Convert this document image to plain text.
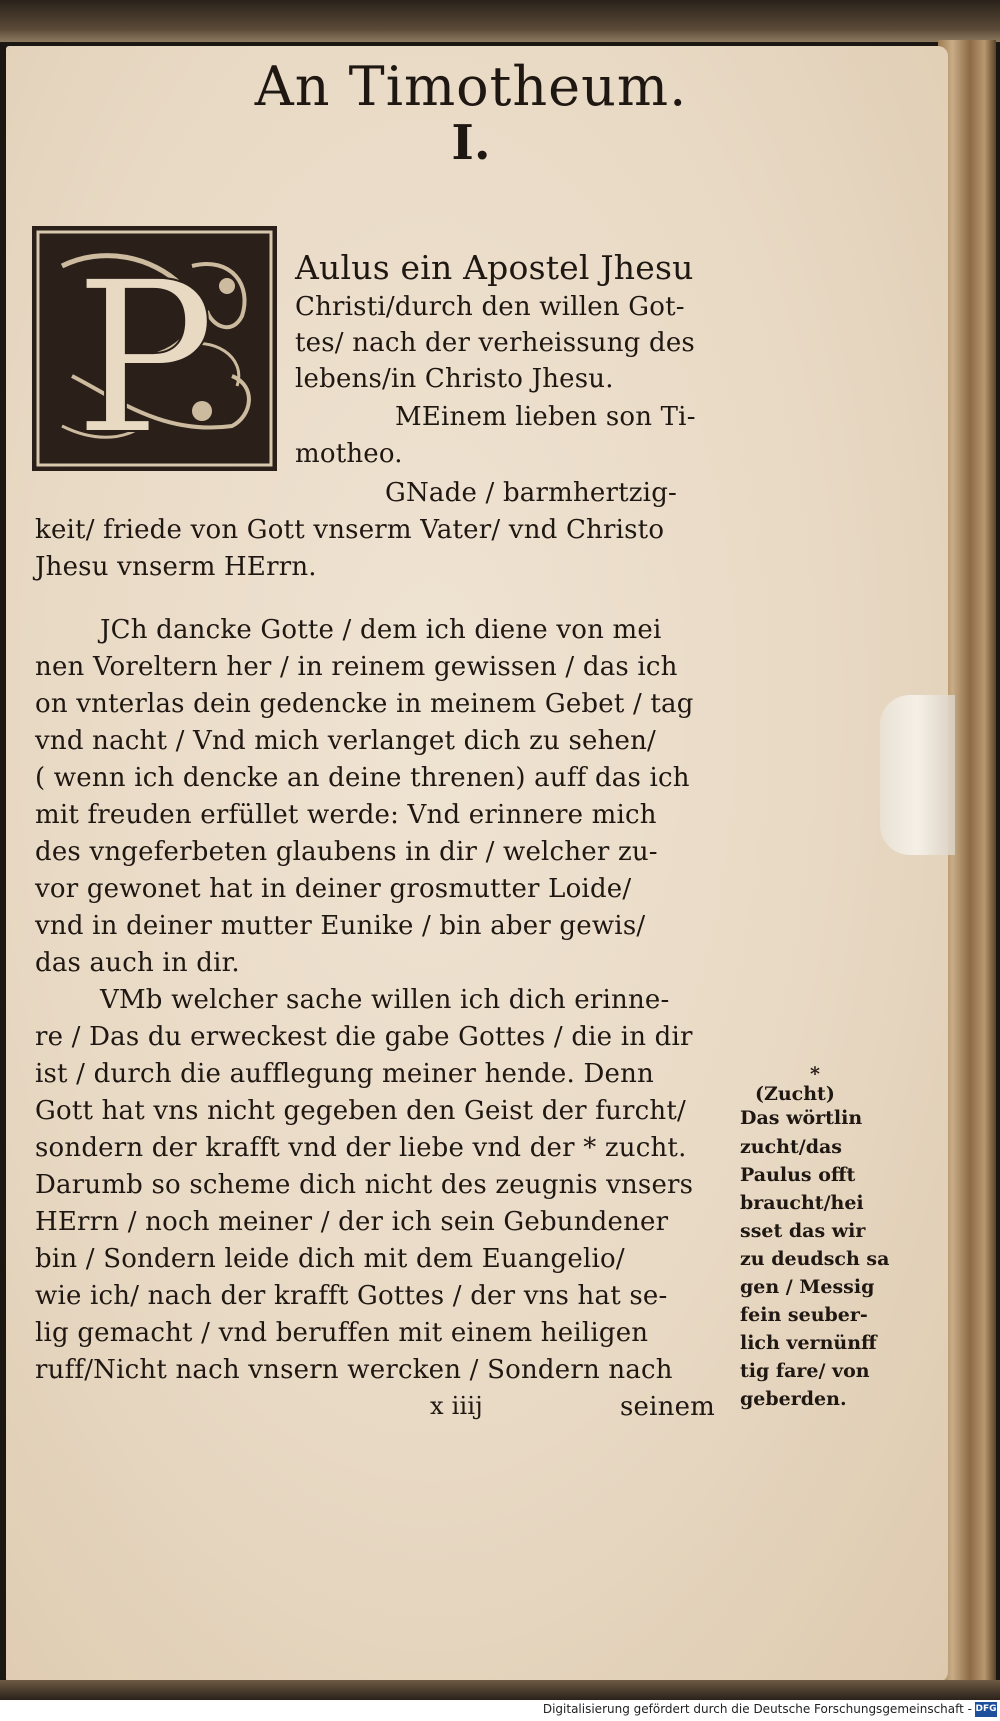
An Timotheum.
I.
P Aulus ein Apostel Jhesu
Christi/durch den willen Got-
tes/ nach der verheissung des
lebens/in Christo Jhesu.
MEinem lieben son Ti-
motheo.
GNade / barmhertzig-
keit/ friede von Gott vnserm Vater/ vnd Christo
Jhesu vnserm HErrn.
JCh dancke Gotte / dem ich diene von mei
nen Voreltern her / in reinem gewissen / das ich
on vnterlas dein gedencke in meinem Gebet / tag
vnd nacht / Vnd mich verlanget dich zu sehen/
( wenn ich dencke an deine threnen) auff das ich
mit freuden erfüllet werde: Vnd erinnere mich
des vngeferbeten glaubens in dir / welcher zu-
vor gewonet hat in deiner grosmutter Loide/
vnd in deiner mutter Eunike / bin aber gewis/
das auch in dir.
VMb welcher sache willen ich dich erinne-
re / Das du erweckest die gabe Gottes / die in dir
ist / durch die aufflegung meiner hende. Denn
Gott hat vns nicht gegeben den Geist der furcht/
sondern der krafft vnd der liebe vnd der * zucht.
Darumb so scheme dich nicht des zeugnis vnsers
HErrn / noch meiner / der ich sein Gebundener
bin / Sondern leide dich mit dem Euangelio/
wie ich/ nach der krafft Gottes / der vns hat se-
lig gemacht / vnd beruffen mit einem heiligen
ruff/Nicht nach vnsern wercken / Sondern nach
x iiij	seinem
*
(Zucht)
Das wörtlin
zucht/das
Paulus offt
braucht/hei
sset das wir
zu deudsch sa
gen / Messig
fein seuber-
lich vernünff
tig fare/ von
geberden.
Digitalisierung gefördert durch die Deutsche Forschungsgemeinschaft - DFG
